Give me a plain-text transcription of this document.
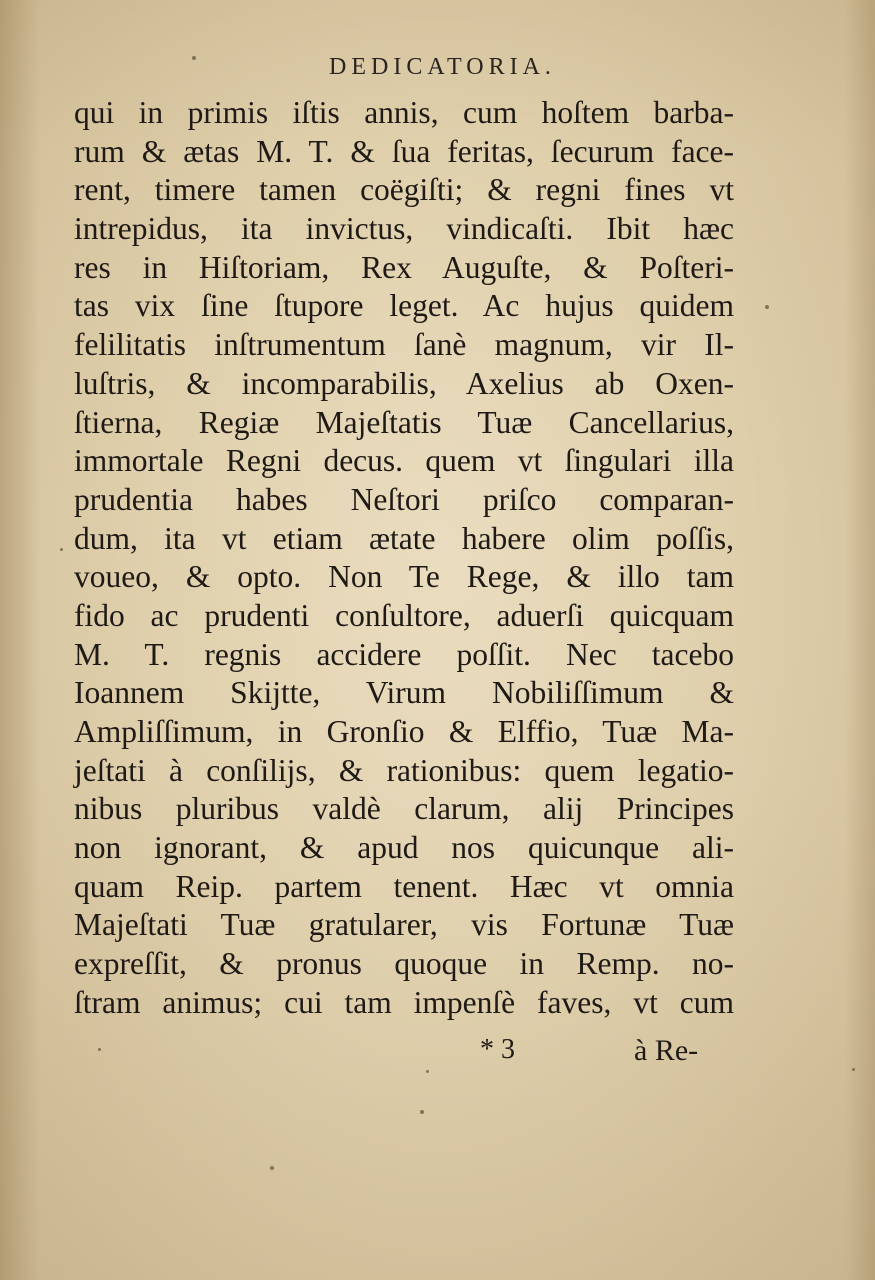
DEDICATORIA.
qui in primis iſtis annis, cum hoſtem barba-
rum & ætas M. T. & ſua feritas, ſecurum face-
rent, timere tamen coëgiſti; & regni fines vt
intrepidus, ita invictus, vindicaſti. Ibit hæc
res in Hiſtoriam, Rex Auguſte, & Poſteri-
tas vix ſine ſtupore leget. Ac hujus quidem
felilitatis inſtrumentum ſanè magnum, vir Il-
luſtris, & incomparabilis, Axelius ab Oxen-
ſtierna, Regiæ Majeſtatis Tuæ Cancellarius,
immortale Regni decus. quem vt ſingulari illa
prudentia habes Neſtori priſco comparan-
dum, ita vt etiam ætate habere olim poſſis,
voueo, & opto. Non Te Rege, & illo tam
fido ac prudenti conſultore, aduerſi quicquam
M. T. regnis accidere poſſit. Nec tacebo
Ioannem Skijtte, Virum Nobiliſſimum &
Ampliſſimum, in Gronſio & Elffio, Tuæ Ma-
jeſtati à conſilijs, & rationibus: quem legatio-
nibus pluribus valdè clarum, alij Principes
non ignorant, & apud nos quicunque ali-
quam Reip. partem tenent. Hæc vt omnia
Majeſtati Tuæ gratularer, vis Fortunæ Tuæ
expreſſit, & pronus quoque in Remp. no-
ſtram animus; cui tam impenſè faves, vt cum
* 3	à Re-
